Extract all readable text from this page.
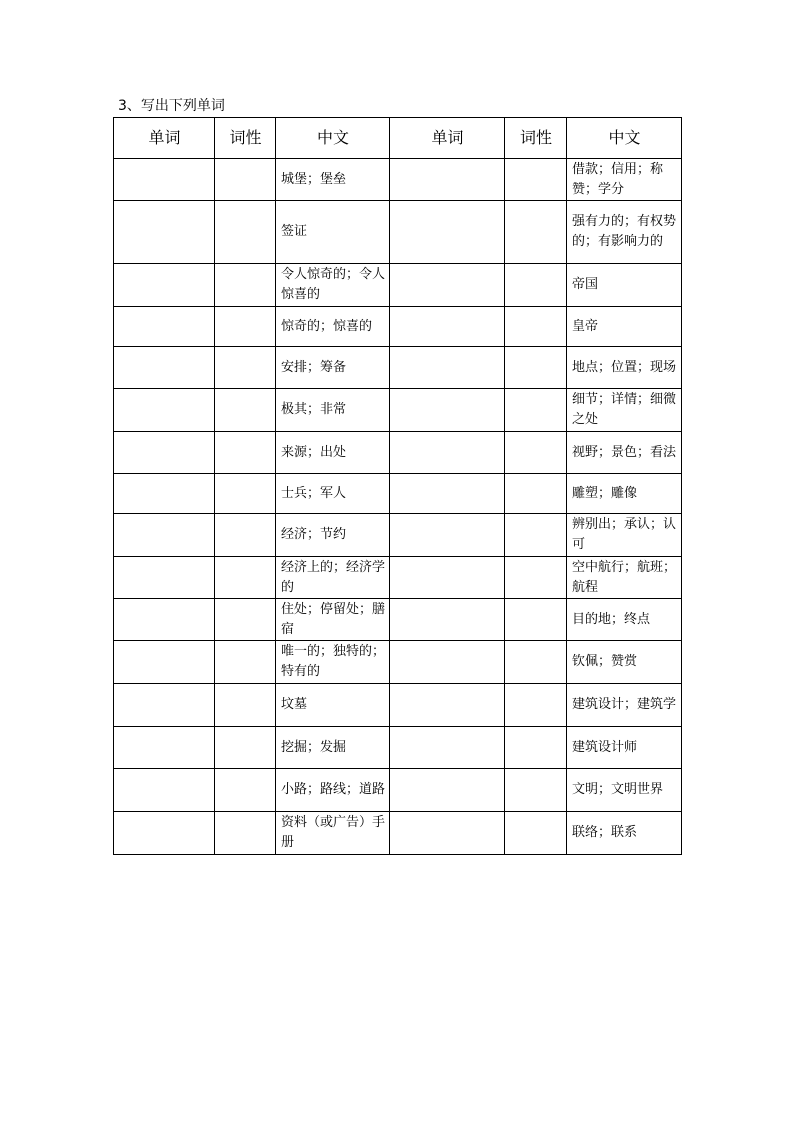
3、写出下列单词
单词	词性	中文	单词	词性	中文
		城堡；堡垒			借款；信用；称赞；学分
		签证			强有力的；有权势的；有影响力的
		令人惊奇的；令人惊喜的			帝国
		惊奇的；惊喜的			皇帝
		安排；筹备			地点；位置；现场
		极其；非常			细节；详情；细微之处
		来源；出处			视野；景色；看法
		士兵；军人			雕塑；雕像
		经济；节约			辨别出；承认；认可
		经济上的；经济学的			空中航行；航班；航程
		住处；停留处；膳宿			目的地；终点
		唯一的；独特的；特有的			钦佩；赞赏
		坟墓			建筑设计；建筑学
		挖掘；发掘			建筑设计师
		小路；路线；道路			文明；文明世界
		资料（或广告）手册			联络；联系
